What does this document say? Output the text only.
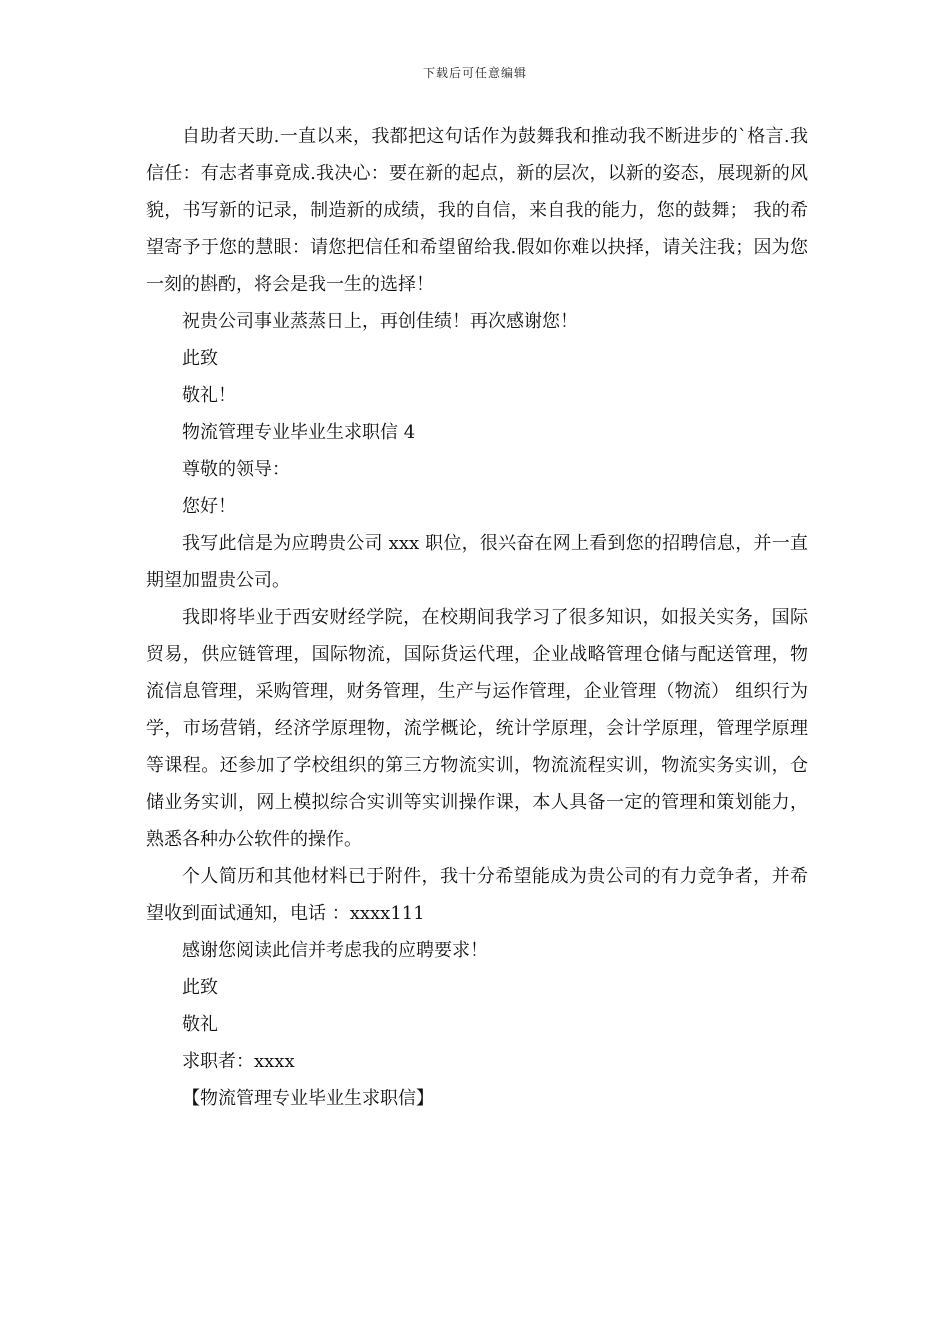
下载后可任意编辑

自助者天助.一直以来，我都把这句话作为鼓舞我和推动我不断进步的`格言.我信任：有志者事竟成.我决心：要在新的起点，新的层次，以新的姿态，展现新的风貌，书写新的记录，制造新的成绩，我的自信，来自我的能力，您的鼓舞； 我的希望寄予于您的慧眼：请您把信任和希望留给我.假如你难以抉择，请关注我；因为您一刻的斟酌，将会是我一生的选择！

祝贵公司事业蒸蒸日上，再创佳绩！再次感谢您！

此致

敬礼！

物流管理专业毕业生求职信 4

尊敬的领导：

您好！

我写此信是为应聘贵公司 xxx 职位，很兴奋在网上看到您的招聘信息，并一直期望加盟贵公司。

我即将毕业于西安财经学院，在校期间我学习了很多知识，如报关实务，国际贸易，供应链管理，国际物流，国际货运代理，企业战略管理仓储与配送管理，物流信息管理，采购管理，财务管理，生产与运作管理，企业管理（物流） 组织行为学，市场营销，经济学原理物，流学概论，统计学原理，会计学原理，管理学原理等课程。还参加了学校组织的第三方物流实训，物流流程实训，物流实务实训，仓储业务实训，网上模拟综合实训等实训操作课，本人具备一定的管理和策划能力，熟悉各种办公软件的操作。

个人简历和其他材料已于附件，我十分希望能成为贵公司的有力竞争者，并希望收到面试通知，电话 ：xxxx111

感谢您阅读此信并考虑我的应聘要求！

此致

敬礼

求职者：xxxx

【物流管理专业毕业生求职信】
